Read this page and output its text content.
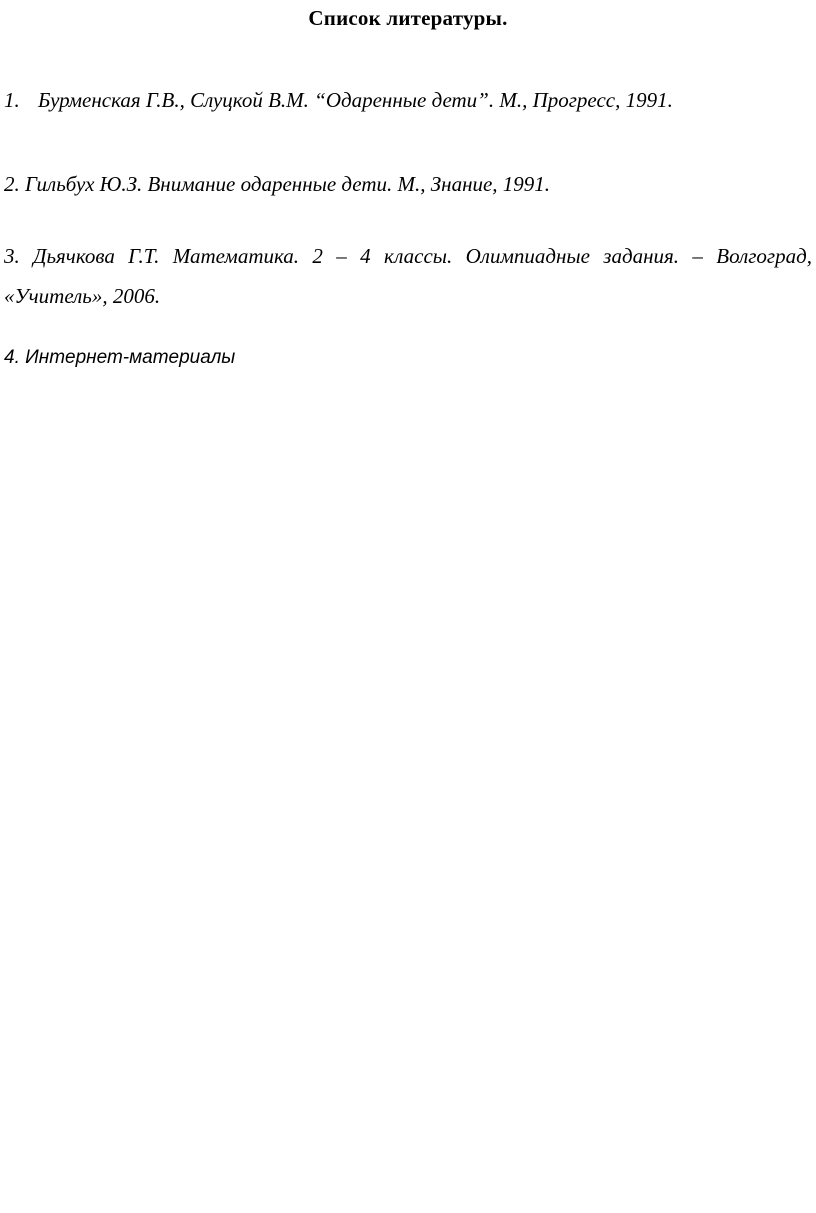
Список литературы.
1. Бурменская Г.В., Слуцкой В.М. “Одаренные дети”. М., Прогресс, 1991.
2. Гильбух Ю.З. Внимание одаренные дети. М., Знание, 1991.
3. Дьячкова Г.Т. Математика. 2 – 4 классы. Олимпиадные задания. – Волгоград, «Учитель», 2006.
4. Интернет-материалы
